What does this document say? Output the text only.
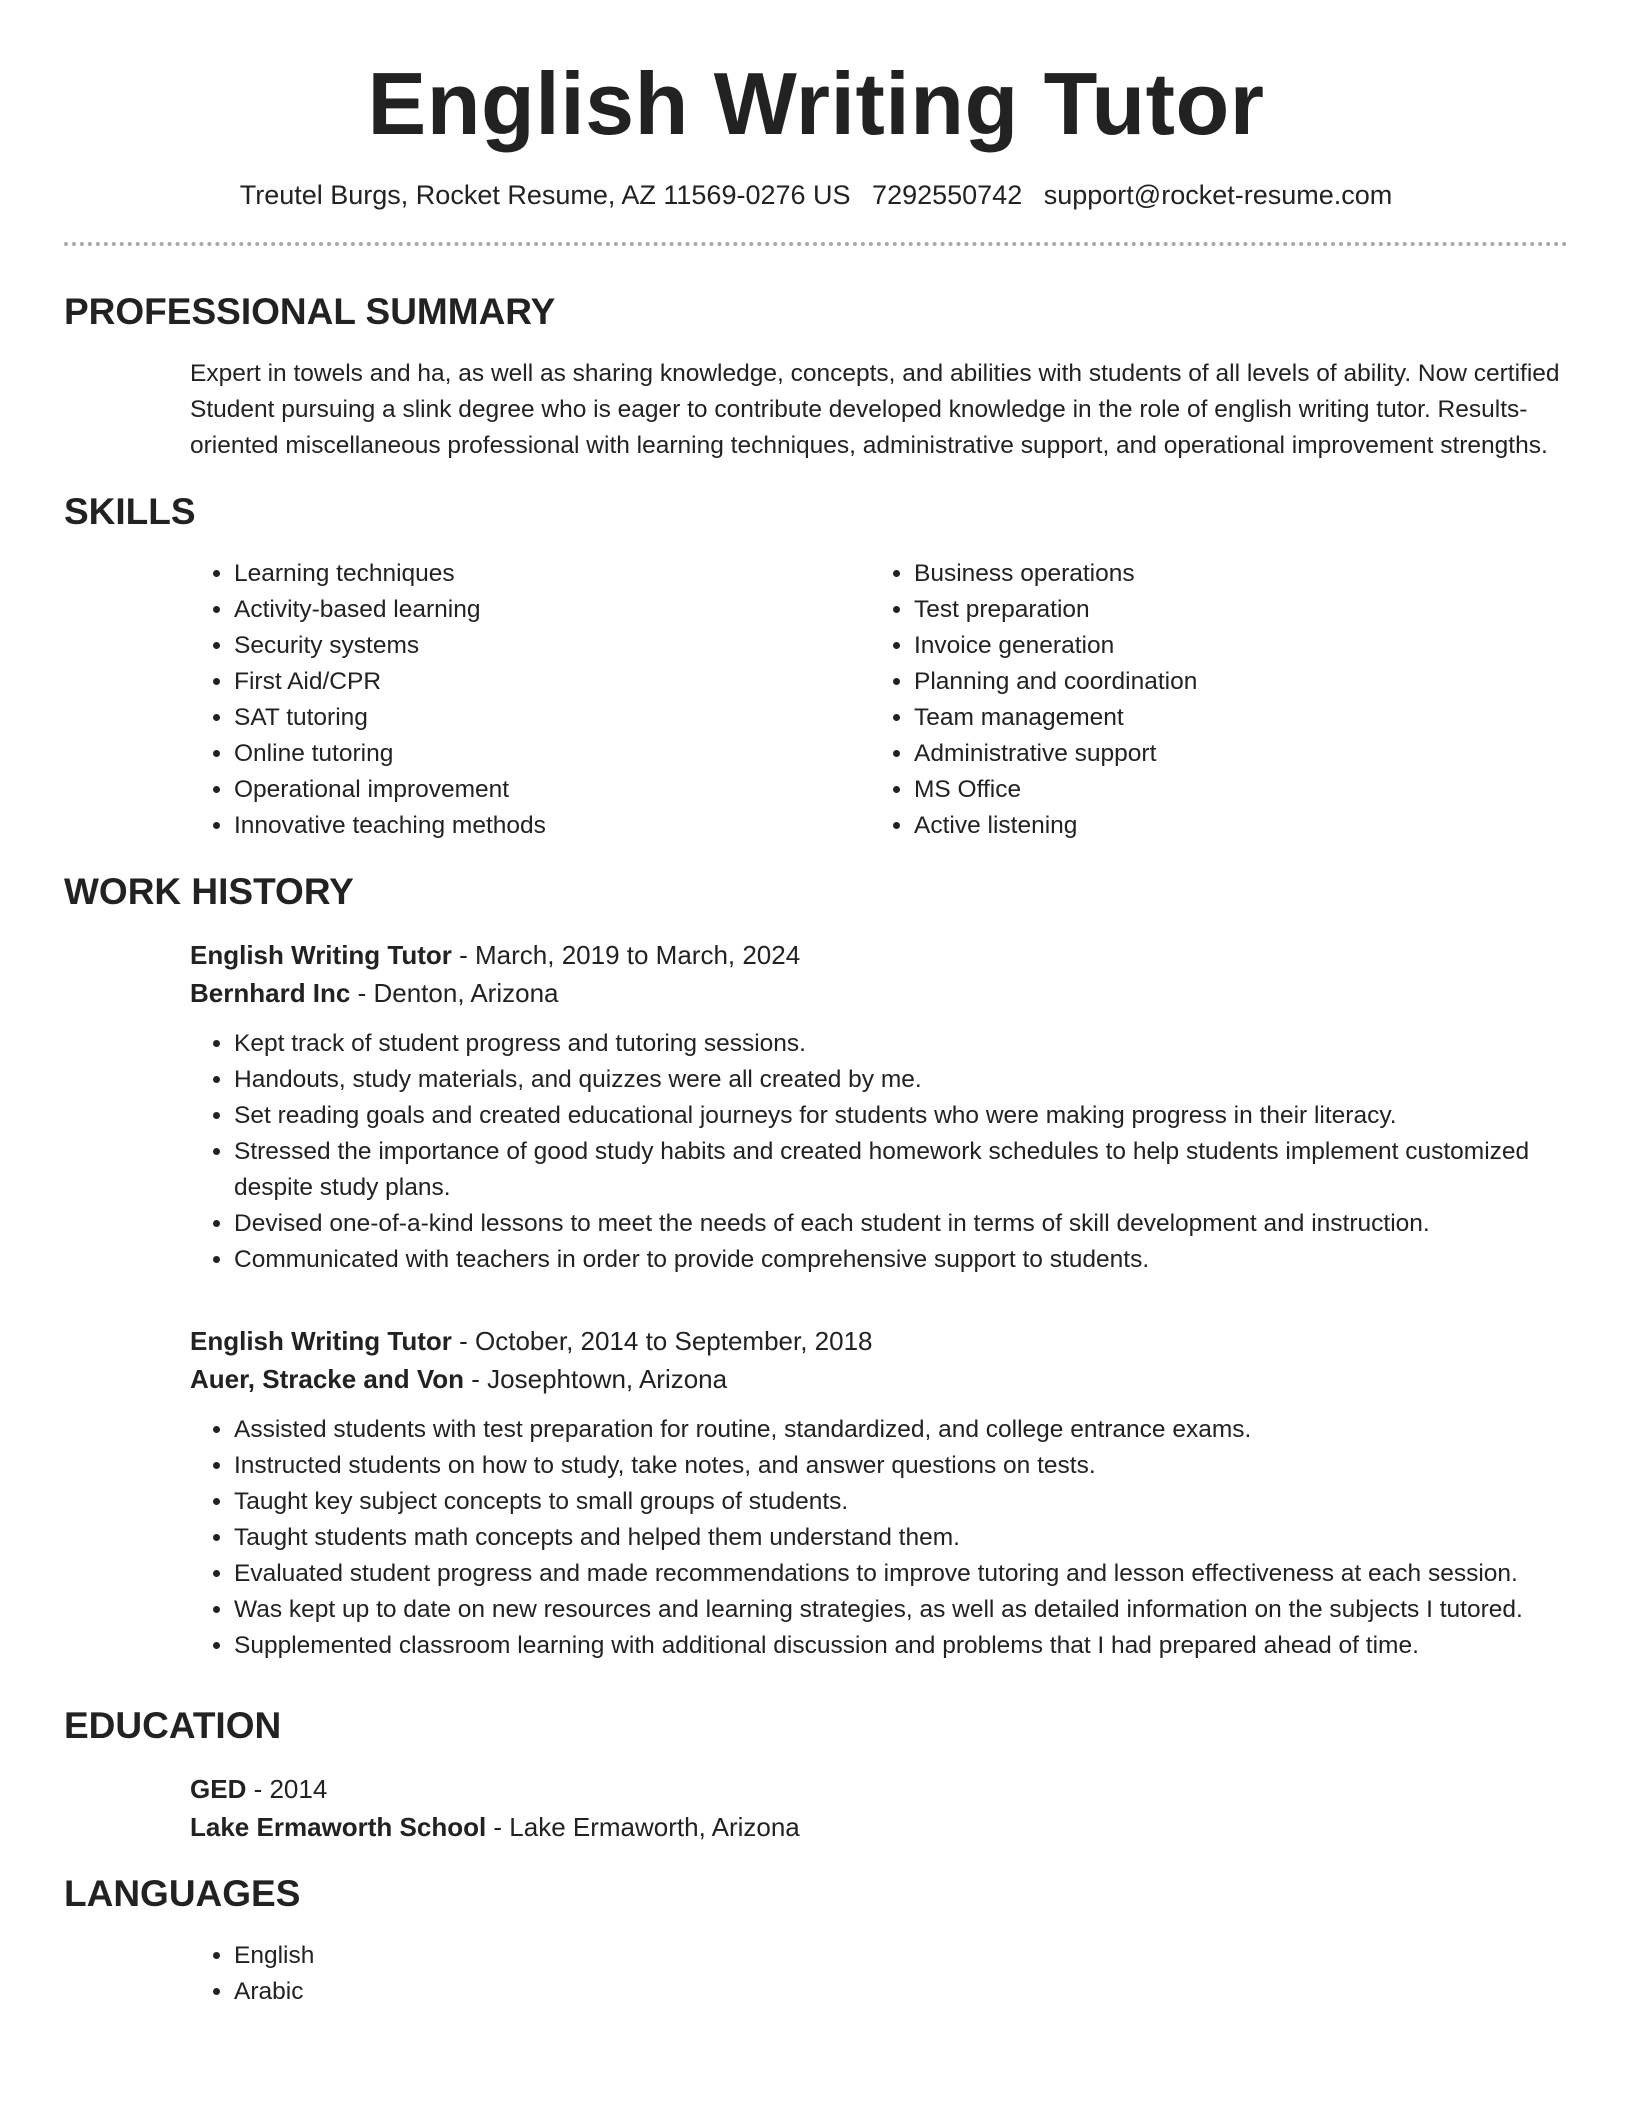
English Writing Tutor
Treutel Burgs, Rocket Resume, AZ 11569-0276 US 7292550742 support@rocket-resume.com
PROFESSIONAL SUMMARY
Expert in towels and ha, as well as sharing knowledge, concepts, and abilities with students of all levels of ability. Now certified Student pursuing a slink degree who is eager to contribute developed knowledge in the role of english writing tutor. Results-oriented miscellaneous professional with learning techniques, administrative support, and operational improvement strengths.
SKILLS
• Learning techniques
• Activity-based learning
• Security systems
• First Aid/CPR
• SAT tutoring
• Online tutoring
• Operational improvement
• Innovative teaching methods
• Business operations
• Test preparation
• Invoice generation
• Planning and coordination
• Team management
• Administrative support
• MS Office
• Active listening
WORK HISTORY
English Writing Tutor - March, 2019 to March, 2024
Bernhard Inc - Denton, Arizona
• Kept track of student progress and tutoring sessions.
• Handouts, study materials, and quizzes were all created by me.
• Set reading goals and created educational journeys for students who were making progress in their literacy.
• Stressed the importance of good study habits and created homework schedules to help students implement customized despite study plans.
• Devised one-of-a-kind lessons to meet the needs of each student in terms of skill development and instruction.
• Communicated with teachers in order to provide comprehensive support to students.
English Writing Tutor - October, 2014 to September, 2018
Auer, Stracke and Von - Josephtown, Arizona
• Assisted students with test preparation for routine, standardized, and college entrance exams.
• Instructed students on how to study, take notes, and answer questions on tests.
• Taught key subject concepts to small groups of students.
• Taught students math concepts and helped them understand them.
• Evaluated student progress and made recommendations to improve tutoring and lesson effectiveness at each session.
• Was kept up to date on new resources and learning strategies, as well as detailed information on the subjects I tutored.
• Supplemented classroom learning with additional discussion and problems that I had prepared ahead of time.
EDUCATION
GED - 2014
Lake Ermaworth School - Lake Ermaworth, Arizona
LANGUAGES
• English
• Arabic
